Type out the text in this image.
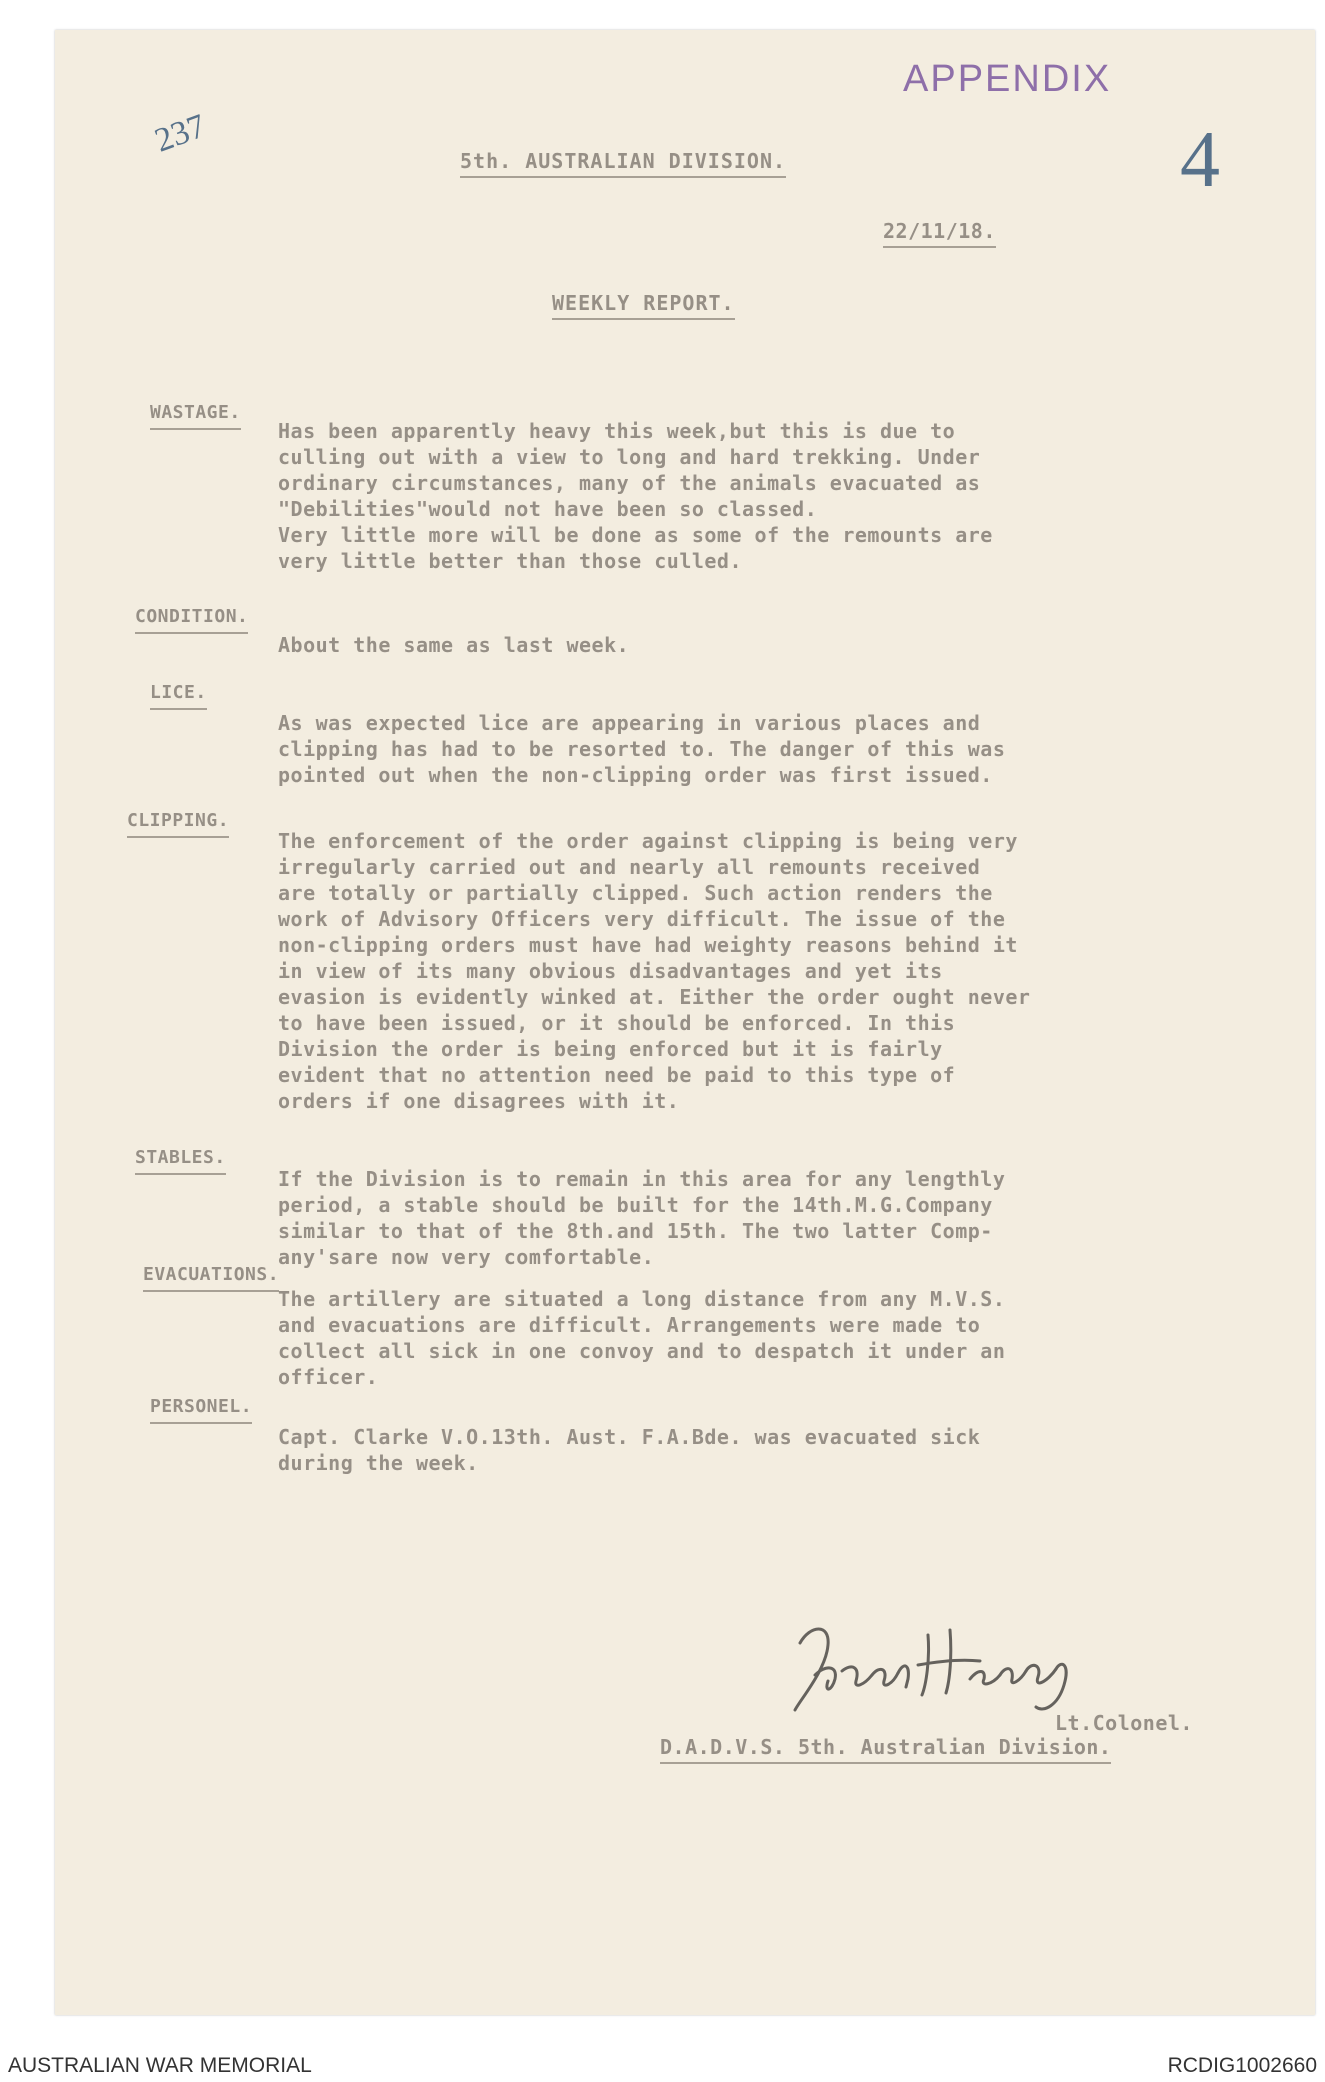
APPENDIX
237	4
5th. AUSTRALIAN DIVISION.
22/11/18.
WEEKLY REPORT.
WASTAGE.
Has been apparently heavy this week,but this is due to
culling out with a view to long and hard trekking. Under
ordinary circumstances, many of the animals evacuated as
"Debilities"would not have been so classed.
Very little more will be done as some of the remounts are
very little better than those culled.
CONDITION.
About the same as last week.
LICE.
As was expected lice are appearing in various places and
clipping has had to be resorted to. The danger of this was
pointed out when the non-clipping order was first issued.
CLIPPING.
The enforcement of the order against clipping is being very
irregularly carried out and nearly all remounts received
are totally or partially clipped. Such action renders the
work of Advisory Officers very difficult. The issue of the
non-clipping orders must have had weighty reasons behind it
in view of its many obvious disadvantages and yet its
evasion is evidently winked at. Either the order ought never
to have been issued, or it should be enforced. In this
Division the order is being enforced but it is fairly
evident that no attention need be paid to this type of
orders if one disagrees with it.
STABLES.
If the Division is to remain in this area for any lengthly
period, a stable should be built for the 14th.M.G.Company
similar to that of the 8th.and 15th. The two latter Comp-
any'sare now very comfortable.
EVACUATIONS.
The artillery are situated a long distance from any M.V.S.
and evacuations are difficult. Arrangements were made to
collect all sick in one convoy and to despatch it under an
officer.
PERSONEL.
Capt. Clarke V.O.13th. Aust. F.A.Bde. was evacuated sick
during the week.
Lt.Colonel.
D.A.D.V.S. 5th. Australian Division.
AUSTRALIAN WAR MEMORIAL	RCDIG1002660
